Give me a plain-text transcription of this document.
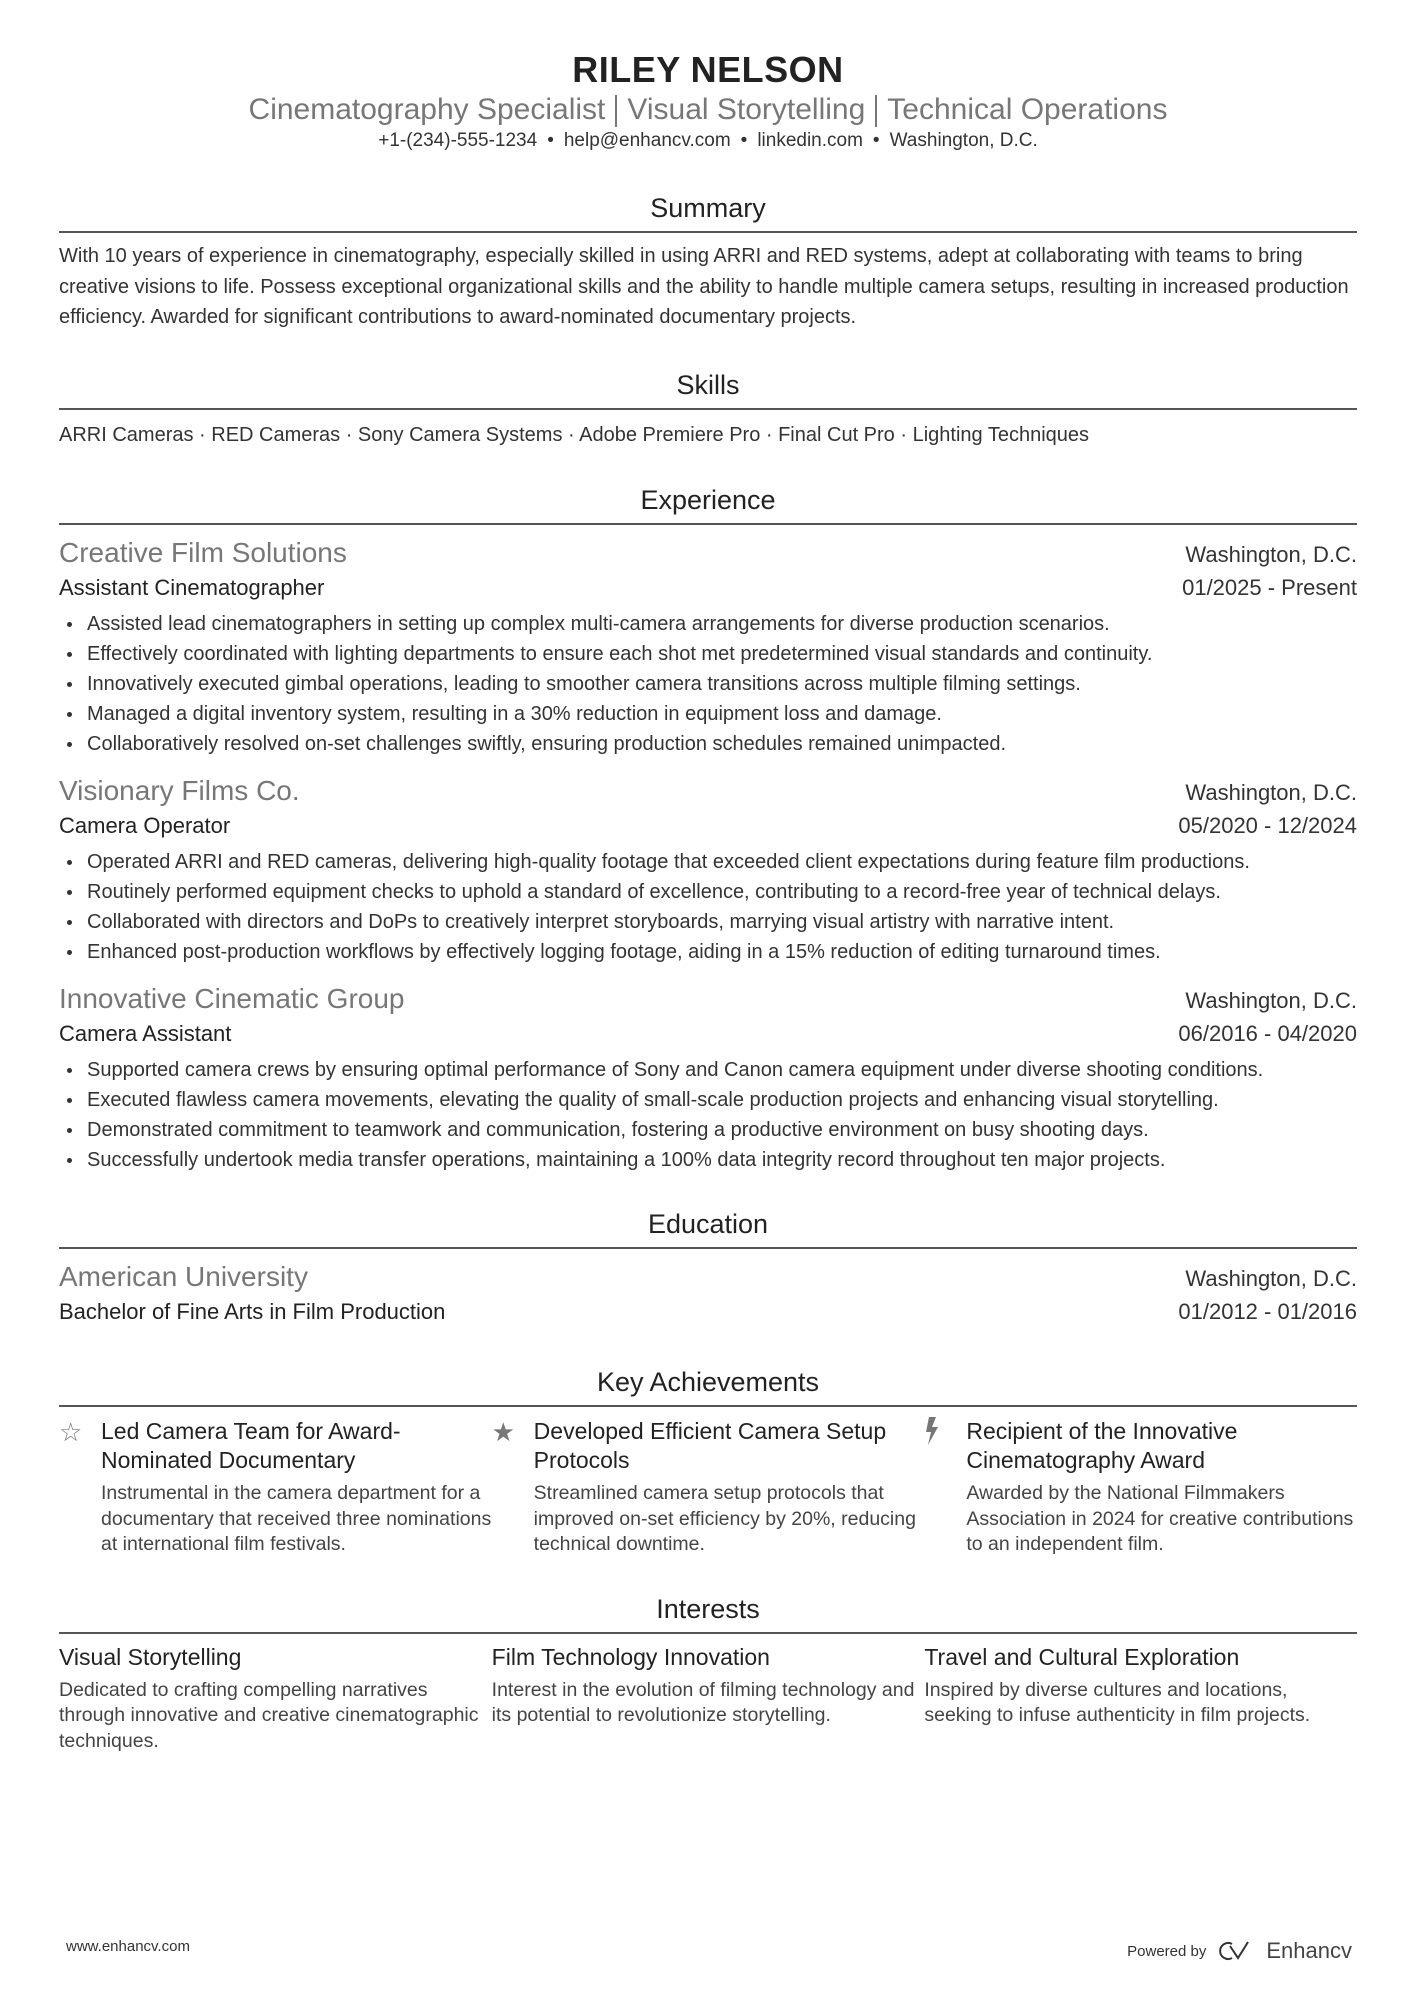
RILEY NELSON
Cinematography Specialist Visual Storytelling Technical Operations
+1-(234)-555-1234 • help@enhancv.com • linkedin.com • Washington, D.C.
Summary
With 10 years of experience in cinematography, especially skilled in using ARRI and RED systems, adept at collaborating with teams to bring creative visions to life. Possess exceptional organizational skills and the ability to handle multiple camera setups, resulting in increased production efficiency. Awarded for significant contributions to award-nominated documentary projects.
Skills
ARRI Cameras · RED Cameras · Sony Camera Systems · Adobe Premiere Pro · Final Cut Pro · Lighting Techniques
Experience
Creative Film Solutions	Washington, D.C.
Assistant Cinematographer	01/2025 - Present
Assisted lead cinematographers in setting up complex multi-camera arrangements for diverse production scenarios.
Effectively coordinated with lighting departments to ensure each shot met predetermined visual standards and continuity.
Innovatively executed gimbal operations, leading to smoother camera transitions across multiple filming settings.
Managed a digital inventory system, resulting in a 30% reduction in equipment loss and damage.
Collaboratively resolved on-set challenges swiftly, ensuring production schedules remained unimpacted.
Visionary Films Co.	Washington, D.C.
Camera Operator	05/2020 - 12/2024
Operated ARRI and RED cameras, delivering high-quality footage that exceeded client expectations during feature film productions.
Routinely performed equipment checks to uphold a standard of excellence, contributing to a record-free year of technical delays.
Collaborated with directors and DoPs to creatively interpret storyboards, marrying visual artistry with narrative intent.
Enhanced post-production workflows by effectively logging footage, aiding in a 15% reduction of editing turnaround times.
Innovative Cinematic Group	Washington, D.C.
Camera Assistant	06/2016 - 04/2020
Supported camera crews by ensuring optimal performance of Sony and Canon camera equipment under diverse shooting conditions.
Executed flawless camera movements, elevating the quality of small-scale production projects and enhancing visual storytelling.
Demonstrated commitment to teamwork and communication, fostering a productive environment on busy shooting days.
Successfully undertook media transfer operations, maintaining a 100% data integrity record throughout ten major projects.
Education
American University	Washington, D.C.
Bachelor of Fine Arts in Film Production	01/2012 - 01/2016
Key Achievements
☆ Led Camera Team for Award-Nominated Documentary
Instrumental in the camera department for a documentary that received three nominations at international film festivals.
★ Developed Efficient Camera Setup Protocols
Streamlined camera setup protocols that improved on-set efficiency by 20%, reducing technical downtime.
Recipient of the Innovative Cinematography Award
Awarded by the National Filmmakers Association in 2024 for creative contributions to an independent film.
Interests
Visual Storytelling
Dedicated to crafting compelling narratives through innovative and creative cinematographic techniques.
Film Technology Innovation
Interest in the evolution of filming technology and its potential to revolutionize storytelling.
Travel and Cultural Exploration
Inspired by diverse cultures and locations, seeking to infuse authenticity in film projects.
www.enhancv.com	Powered by	Enhancv
